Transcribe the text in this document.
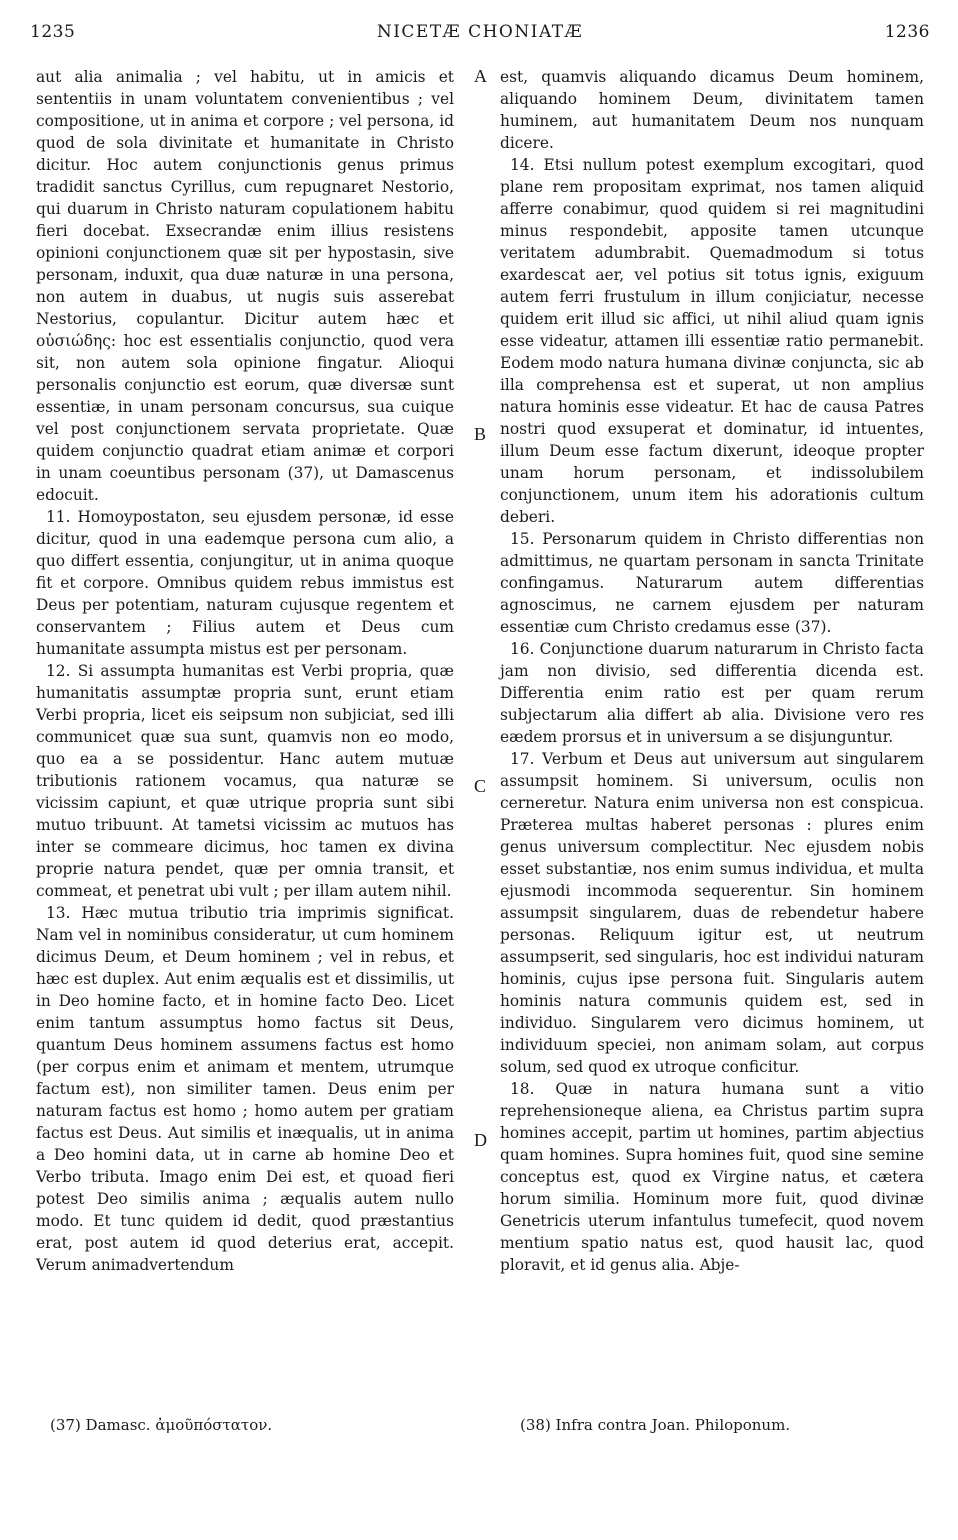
1235	NICETÆ CHONIATÆ	1236

aut alia animalia ; vel habitu, ut in amicis et sententiis in unam voluntatem convenientibus ; vel compositione, ut in anima et corpore ; vel persona, id quod de sola divinitate et humanitate in Christo dicitur. Hoc autem conjunctionis genus primus tradidit sanctus Cyrillus, cum repugnaret Nestorio, qui duarum in Christo naturam copulationem habitu fieri docebat. Exsecrandæ enim illius resistens opinioni conjunctionem quæ sit per hypostasin, sive personam, induxit, qua duæ naturæ in una persona, non autem in duabus, ut nugis suis asserebat Nestorius, copulantur. Dicitur autem hæc et οὐσιώδης: hoc est essentialis conjunctio, quod vera sit, non autem sola opinione fingatur. Alioqui personalis conjunctio est eorum, quæ diversæ sunt essentiæ, in unam personam concursus, sua cuique vel post conjunctionem servata proprietate. Quæ quidem conjunctio quadrat etiam animæ et corpori in unam coeuntibus personam (37), ut Damascenus edocuit.

11. Homoypostaton, seu ejusdem personæ, id esse dicitur, quod in una eademque persona cum alio, a quo differt essentia, conjungitur, ut in anima quoque fit et corpore. Omnibus quidem rebus immistus est Deus per potentiam, naturam cujusque regentem et conservantem ; Filius autem et Deus cum humanitate assumpta mistus est per personam.

12. Si assumpta humanitas est Verbi propria, quæ humanitatis assumptæ propria sunt, erunt etiam Verbi propria, licet eis seipsum non subjiciat, sed illi communicet quæ sua sunt, quamvis non eo modo, quo ea a se possidentur. Hanc autem mutuæ tributionis rationem vocamus, qua naturæ se vicissim capiunt, et quæ utrique propria sunt sibi mutuo tribuunt. At tametsi vicissim ac mutuos has inter se commeare dicimus, hoc tamen ex divina proprie natura pendet, quæ per omnia transit, et commeat, et penetrat ubi vult ; per illam autem nihil.

13. Hæc mutua tributio tria imprimis significat. Nam vel in nominibus consideratur, ut cum hominem dicimus Deum, et Deum hominem ; vel in rebus, et hæc est duplex. Aut enim æqualis est et dissimilis, ut in Deo homine facto, et in homine facto Deo. Licet enim tantum assumptus homo factus sit Deus, quantum Deus hominem assumens factus est homo (per corpus enim et animam et mentem, utrumque factum est), non similiter tamen. Deus enim per naturam factus est homo ; homo autem per gratiam factus est Deus. Aut similis et inæqualis, ut in anima a Deo homini data, ut in carne ab homine Deo et Verbo tributa. Imago enim Dei est, et quoad fieri potest Deo similis anima ; æqualis autem nullo modo. Et tunc quidem id dedit, quod præstantius erat, post autem id quod deterius erat, accepit. Verum animadvertendum

A
B
C
D

est, quamvis aliquando dicamus Deum hominem, aliquando hominem Deum, divinitatem tamen huminem, aut humanitatem Deum nos nunquam dicere.

14. Etsi nullum potest exemplum excogitari, quod plane rem propositam exprimat, nos tamen aliquid afferre conabimur, quod quidem si rei magnitudini minus respondebit, apposite tamen utcunque veritatem adumbrabit. Quemadmodum si totus exardescat aer, vel potius sit totus ignis, exiguum autem ferri frustulum in illum conjiciatur, necesse quidem erit illud sic affici, ut nihil aliud quam ignis esse videatur, attamen illi essentiæ ratio permanebit. Eodem modo natura humana divinæ conjuncta, sic ab illa comprehensa est et superat, ut non amplius natura hominis esse videatur. Et hac de causa Patres nostri quod exsuperat et dominatur, id intuentes, illum Deum esse factum dixerunt, ideoque propter unam horum personam, et indissolubilem conjunctionem, unum item his adorationis cultum deberi.

15. Personarum quidem in Christo differentias non admittimus, ne quartam personam in sancta Trinitate confingamus. Naturarum autem differentias agnoscimus, ne carnem ejusdem per naturam essentiæ cum Christo credamus esse (37).

16. Conjunctione duarum naturarum in Christo facta jam non divisio, sed differentia dicenda est. Differentia enim ratio est per quam rerum subjectarum alia differt ab alia. Divisione vero res eædem prorsus et in universum a se disjunguntur.

17. Verbum et Deus aut universum aut singularem assumpsit hominem. Si universum, oculis non cerneretur. Natura enim universa non est conspicua. Præterea multas haberet personas : plures enim genus universum complectitur. Nec ejusdem nobis esset substantiæ, nos enim sumus individua, et multa ejusmodi incommoda sequerentur. Sin hominem assumpsit singularem, duas de rebendetur habere personas. Reliquum igitur est, ut neutrum assumpserit, sed singularis, hoc est individui naturam hominis, cujus ipse persona fuit. Singularis autem hominis natura communis quidem est, sed in individuo. Singularem vero dicimus hominem, ut individuum speciei, non animam solam, aut corpus solum, sed quod ex utroque conficitur.

18. Quæ in natura humana sunt a vitio reprehensioneque aliena, ea Christus partim supra homines accepit, partim ut homines, partim abjectius quam homines. Supra homines fuit, quod sine semine conceptus est, quod ex Virgine natus, et cætera horum similia. Hominum more fuit, quod divinæ Genetricis uterum infantulus tumefecit, quod novem mentium spatio natus est, quod hausit lac, quod ploravit, et id genus alia. Abje-

(37) Damasc. ἀμοῦπόστατον.	(38) Infra contra Joan. Philoponum.
